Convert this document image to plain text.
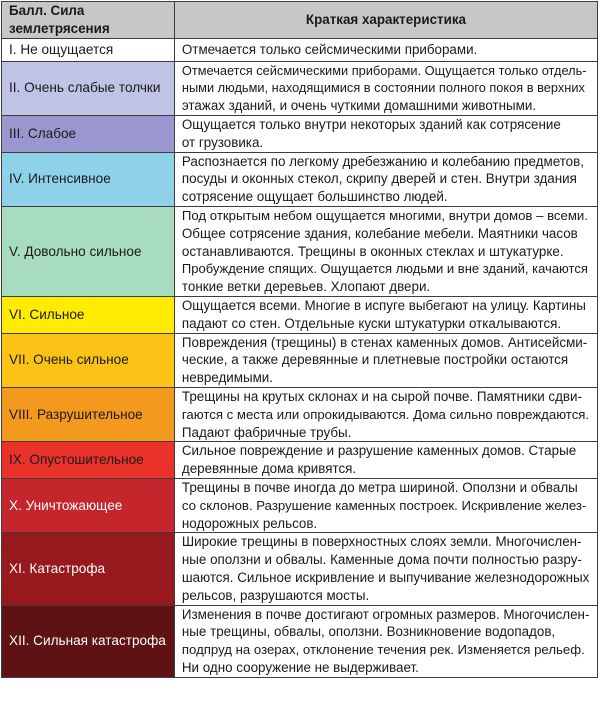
Балл. Сила землетрясения	Краткая характеристика
I. Не ощущается	Отмечается только сейсмическими приборами.

II. Очень слабые толчки	Отмечается сейсмическими приборами. Ощущается только отдель-
ными людьми, находящимися в состоянии полного покоя в верхних
этажах зданий, и очень чуткими домашними животными.

III. Слабое	Ощущается только внутри некоторых зданий как сотрясение
от грузовика.

IV. Интенсивное	Распознается по легкому дребезжанию и колебанию предметов,
посуды и оконных стекол, скрипу дверей и стен. Внутри здания
сотрясение ощущает большинство людей.

V. Довольно сильное	Под открытым небом ощущается многими, внутри домов – всеми.
Общее сотрясение здания, колебание мебели. Маятники часов
останавливаются. Трещины в оконных стеклах и штукатурке.
Пробуждение спящих. Ощущается людьми и вне зданий, качаются
тонкие ветки деревьев. Хлопают двери.

VI. Сильное	Ощущается всеми. Многие в испуге выбегают на улицу. Картины
падают со стен. Отдельные куски штукатурки откалываются.

VII. Очень сильное	Повреждения (трещины) в стенах каменных домов. Антисейсми-
ческие, а также деревянные и плетневые постройки остаются
невредимыми.

VIII. Разрушительное	Трещины на крутых склонах и на сырой почве. Памятники сдви-
гаются с места или опрокидываются. Дома сильно повреждаются.
Падают фабричные трубы.

IX. Опустошительное	Сильное повреждение и разрушение каменных домов. Старые
деревянные дома кривятся.

X. Уничтожающее	Трещины в почве иногда до метра шириной. Оползни и обвалы
со склонов. Разрушение каменных построек. Искривление желез-
нодорожных рельсов.

XI. Катастрофа	Широкие трещины в поверхностных слоях земли. Многочислен-
ные оползни и обвалы. Каменные дома почти полностью разру-
шаются. Сильное искривление и выпучивание железнодорожных
рельсов, разрушаются мосты.

XII. Сильная катастрофа	Изменения в почве достигают огромных размеров. Многочислен-
ные трещины, обвалы, оползни. Возникновение водопадов,
подпруд на озерах, отклонение течения рек. Изменяется рельеф.
Ни одно сооружение не выдерживает.
